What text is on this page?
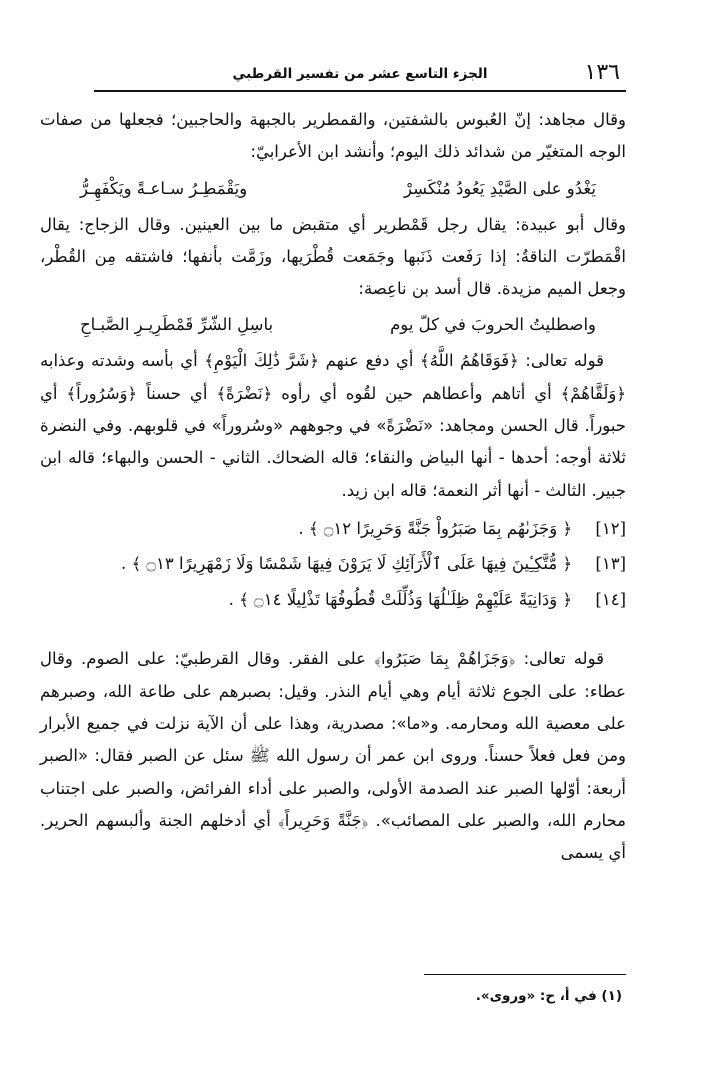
١٣٦
الجزء التاسع عشر من تفسير القرطبي

وقال مجاهد: إنّ العُبوس بالشفتين، والقمطرير بالجبهة والحاجبين؛ فجعلها من صفات الوجه المتغيّر من شدائد ذلك اليوم؛ وأنشد ابن الأعرابيّ:

يَغْدُو على الصَّيْدِ يَعُودُ مُنْكَسِرْ
ويَقْمَطِـرُ سـاعـةً ويَكْفَهِـرُّ

وقال أبو عبيدة: يقال رجل قَمْطرير أي متقبض ما بين العينين. وقال الزجاج: يقال اقْمَطرّت الناقةُ: إذا رَفَعت ذَنَبها وجَمَعت قُطْرَيها، وزَمَّت بأنفها؛ فاشتقه مِن القُطْر، وجعل الميم مزيدة. قال أسد بن ناعِصة:

واصطليتُ الحروبَ في كلّ يوم
باسِلِ الشّرِّ قَمْطَرِيـرِ الصَّبـاحِ

قوله تعالى: ﴿فَوَقَاهُمُ اللَّهُ﴾ أي دفع عنهم ﴿شَرَّ ذَٰلِكَ الْيَوْمِ﴾ أي بأسه وشدته وعذابه ﴿وَلَقَّاهُمْ﴾ أي أتاهم وأعطاهم حين لقُوه أي رأوه ﴿نَضْرَةً﴾ أي حسناً ﴿وَسُرُوراً﴾ أي حبوراً. قال الحسن ومجاهد: «نَضْرَةً» في وجوههم «وسُروراً» في قلوبهم. وفي النضرة ثلاثة أوجه: أحدها - أنها البياض والنقاء؛ قاله الضحاك. الثاني - الحسن والبهاء؛ قاله ابن جبير. الثالث - أنها أثر النعمة؛ قاله ابن زيد.

[١٢] ﴿ وَجَزَىٰهُم بِمَا صَبَرُواْ جَنَّةً وَحَرِيرًا ۝١٢ ﴾ .
[١٣] ﴿ مُّتَّكِـِٔينَ فِيهَا عَلَى ٱلْأَرَآئِكِ لَا يَرَوْنَ فِيهَا شَمْسًا وَلَا زَمْهَرِيرًا ۝١٣ ﴾ .
[١٤] ﴿ وَدَانِيَةً عَلَيْهِمْ ظِلَـٰلُهَا وَذُلِّلَتْ قُطُوفُهَا تَذْلِيلًا ۝١٤ ﴾ .

قوله تعالى: ﴿وَجَزَاهُمْ بِمَا صَبَرُوا﴾ على الفقر. وقال القرطبيّ: على الصوم. وقال عطاء: على الجوع ثلاثة أيام وهي أيام النذر. وقيل: بصبرهم على طاعة الله، وصبرهم على معصية الله ومحارمه. و«ما»: مصدرية، وهذا على أن الآية نزلت في جميع الأبرار ومن فعل فعلاً حسناً. وروى ابن عمر أن رسول الله ﷺ سئل عن الصبر فقال: «الصبر أربعة: أوّلها الصبر عند الصدمة الأولى، والصبر على أداء الفرائض، والصبر على اجتناب محارم الله، والصبر على المصائب». ﴿جَنَّةً وَحَرِيراً﴾ أي أدخلهم الجنة وألبسهم الحرير. أي يسمى

(١) في أ، ح: «وروى».
